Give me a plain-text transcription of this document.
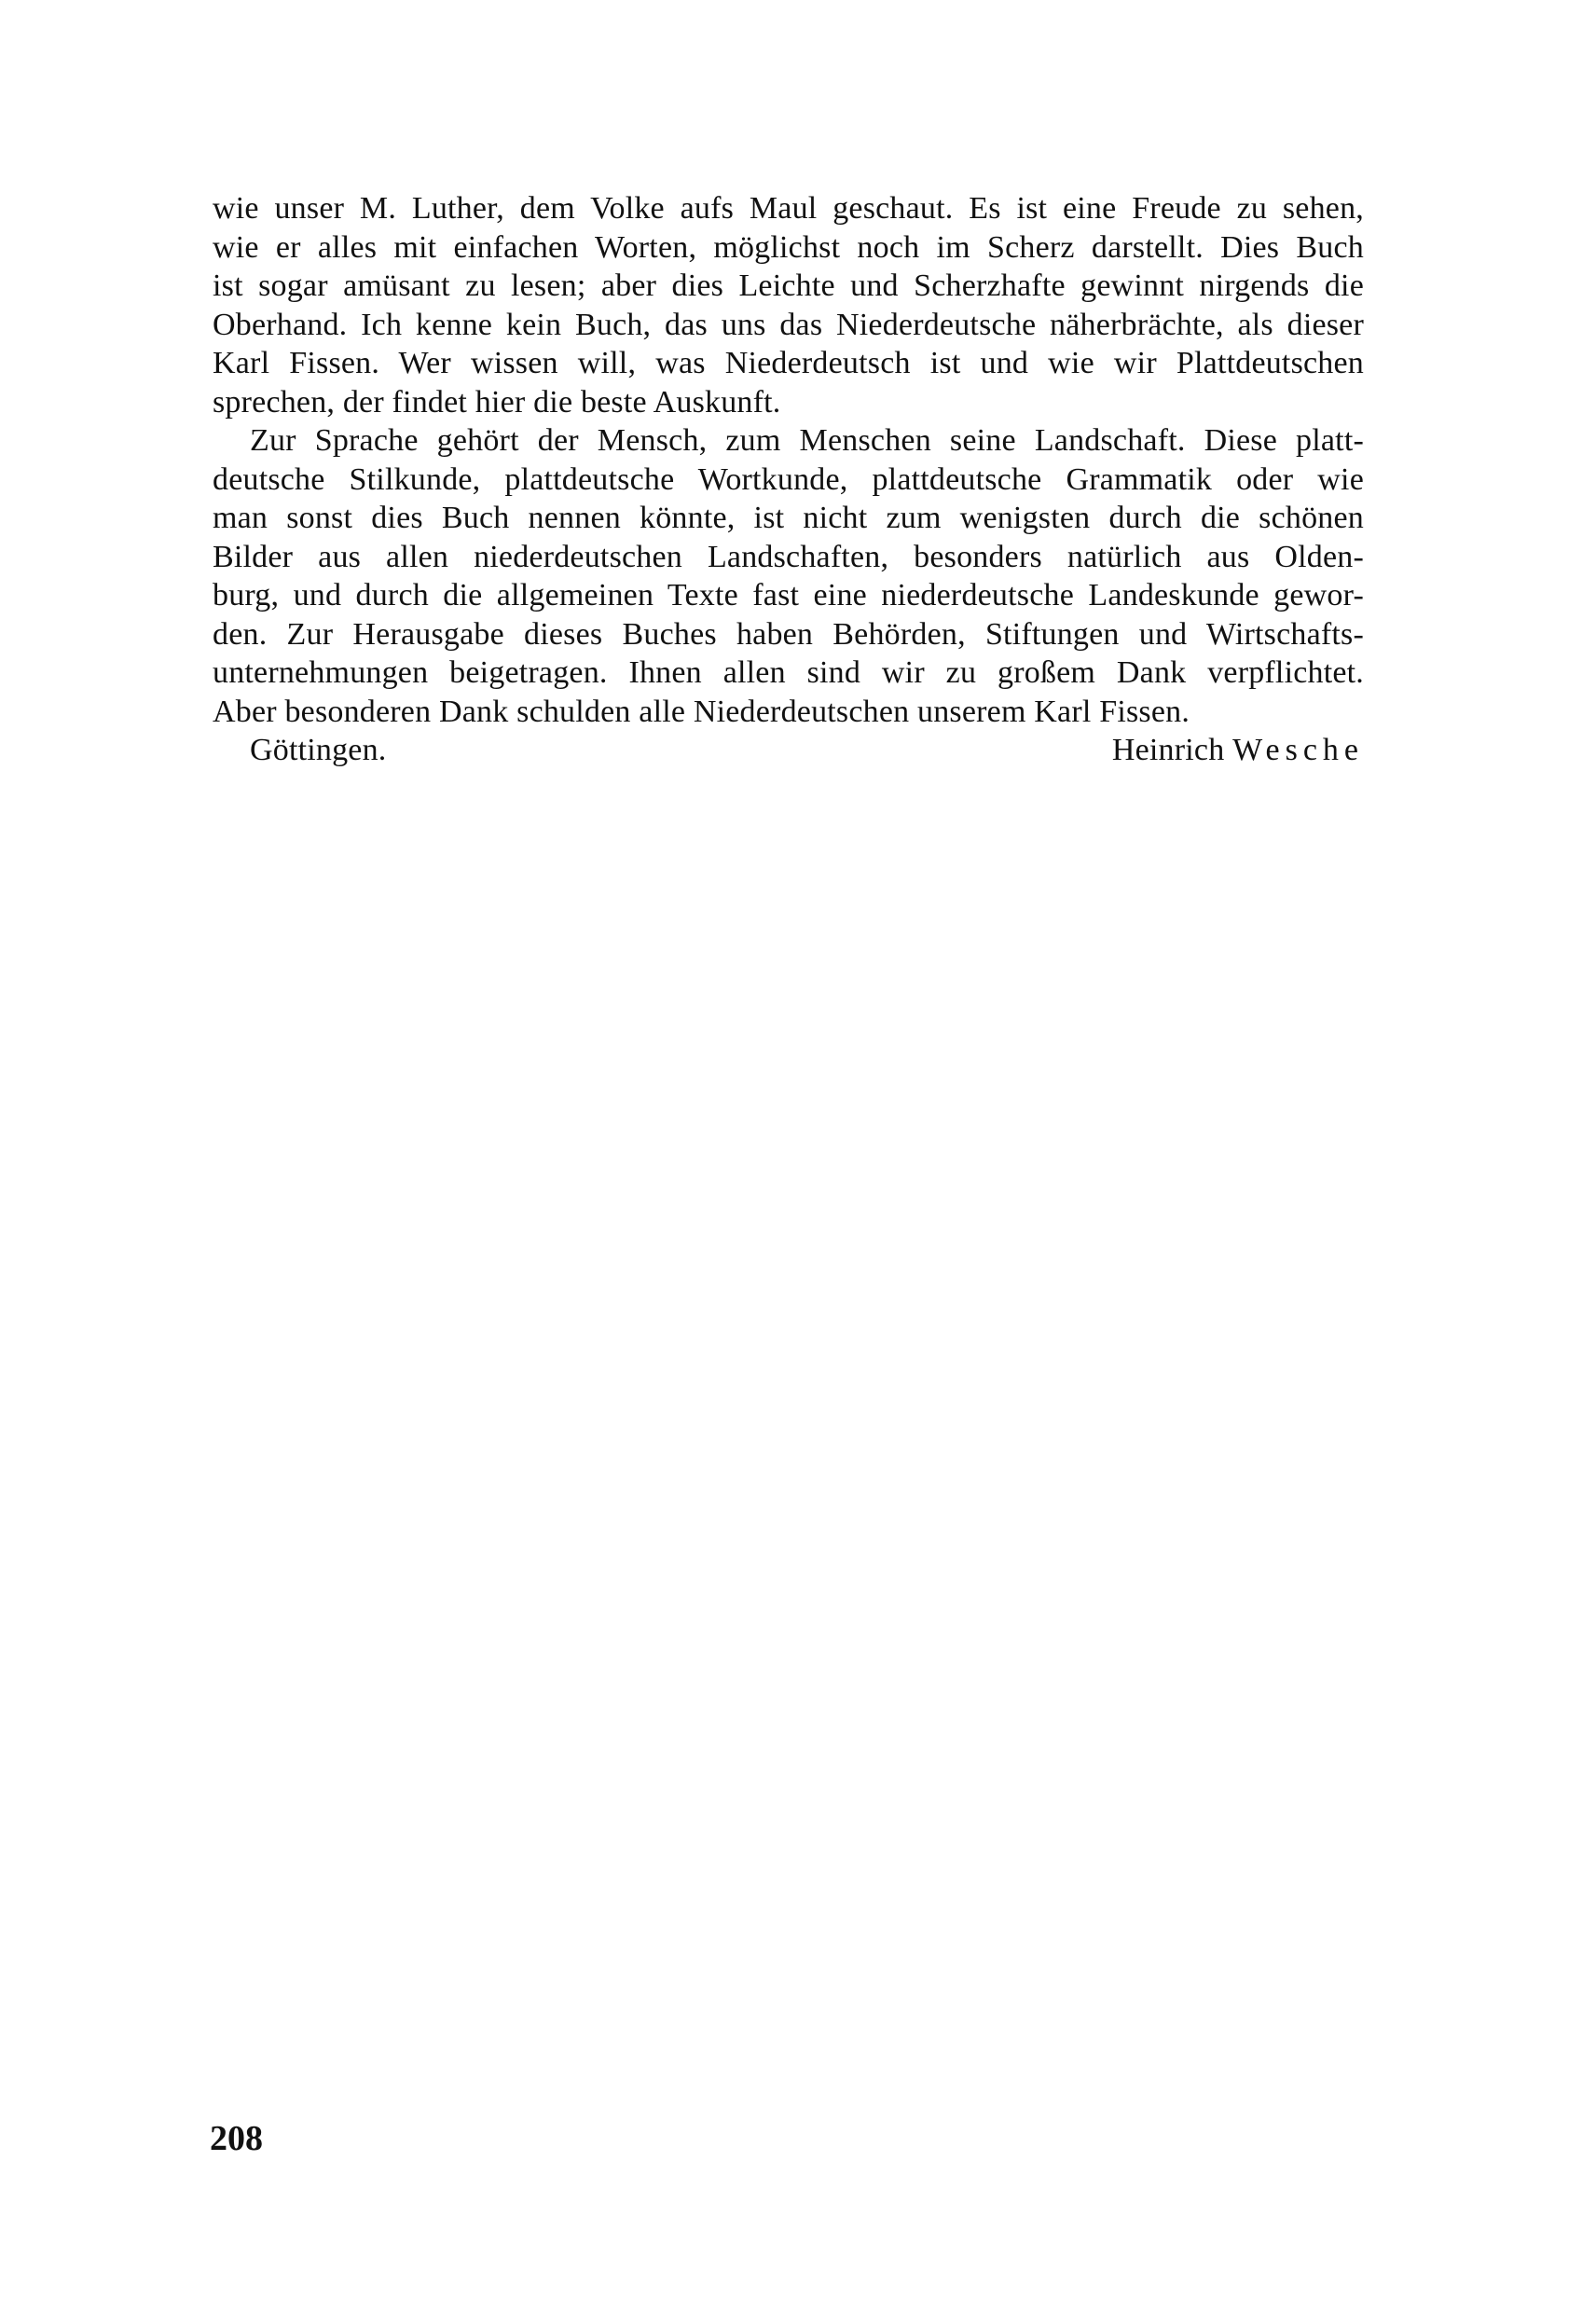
wie unser M. Luther, dem Volke aufs Maul geschaut. Es ist eine Freude zu sehen,
wie er alles mit einfachen Worten, möglichst noch im Scherz darstellt. Dies Buch
ist sogar amüsant zu lesen; aber dies Leichte und Scherzhafte gewinnt nirgends die
Oberhand. Ich kenne kein Buch, das uns das Niederdeutsche näherbrächte, als dieser
Karl Fissen. Wer wissen will, was Niederdeutsch ist und wie wir Plattdeutschen
sprechen, der findet hier die beste Auskunft.
Zur Sprache gehört der Mensch, zum Menschen seine Landschaft. Diese platt-
deutsche Stilkunde, plattdeutsche Wortkunde, plattdeutsche Grammatik oder wie
man sonst dies Buch nennen könnte, ist nicht zum wenigsten durch die schönen
Bilder aus allen niederdeutschen Landschaften, besonders natürlich aus Olden-
burg, und durch die allgemeinen Texte fast eine niederdeutsche Landeskunde gewor-
den. Zur Herausgabe dieses Buches haben Behörden, Stiftungen und Wirtschafts-
unternehmungen beigetragen. Ihnen allen sind wir zu großem Dank verpflichtet.
Aber besonderen Dank schulden alle Niederdeutschen unserem Karl Fissen.
Göttingen.	Heinrich Wesche
208
